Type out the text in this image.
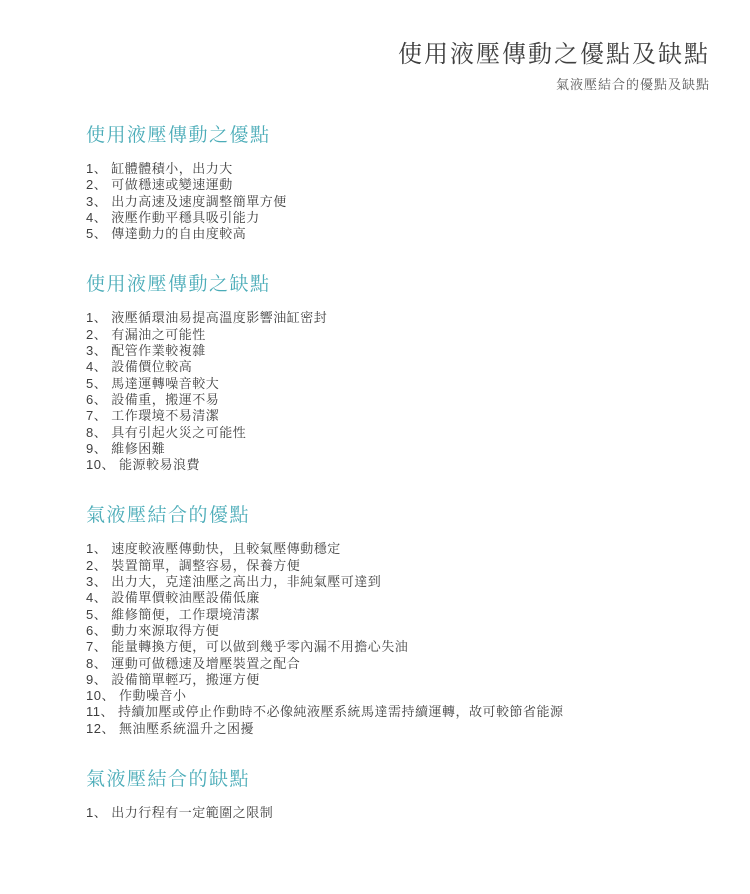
使用液壓傳動之優點及缺點
氣液壓結合的優點及缺點
使用液壓傳動之優點
1、 缸體體積小，出力大
2、 可做穩速或變速運動
3、 出力高速及速度調整簡單方便
4、 液壓作動平穩具吸引能力
5、 傳達動力的自由度較高
使用液壓傳動之缺點
1、 液壓循環油易提高溫度影響油缸密封
2、 有漏油之可能性
3、 配管作業較複雜
4、 設備價位較高
5、 馬達運轉噪音較大
6、 設備重，搬運不易
7、 工作環境不易清潔
8、 具有引起火災之可能性
9、 維修困難
10、 能源較易浪費
氣液壓結合的優點
1、 速度較液壓傳動快，且較氣壓傳動穩定
2、 裝置簡單，調整容易，保養方便
3、 出力大，克達油壓之高出力，非純氣壓可達到
4、 設備單價較油壓設備低廉
5、 維修簡便，工作環境清潔
6、 動力來源取得方便
7、 能量轉換方便，可以做到幾乎零內漏不用擔心失油
8、 運動可做穩速及增壓裝置之配合
9、 設備簡單輕巧，搬運方便
10、 作動噪音小
11、 持續加壓或停止作動時不必像純液壓系統馬達需持續運轉，故可較節省能源
12、 無油壓系統溫升之困擾
氣液壓結合的缺點
1、 出力行程有一定範圍之限制
